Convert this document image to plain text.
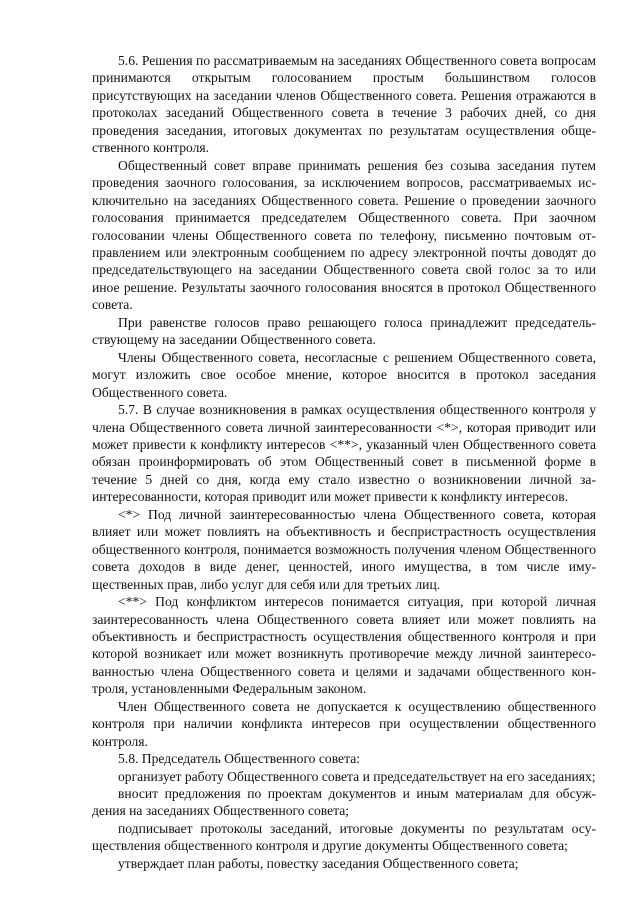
5.6. Решения по рассматриваемым на заседаниях Общественного совета вопросам принимаются открытым голосованием простым большинством голосов присутствующих на заседании членов Общественного совета. Решения отражаются в протоколах заседаний Общественного совета в течение 3 рабочих дней, со дня проведения заседания, итоговых документах по результатам осуществления общественного контроля.

Общественный совет вправе принимать решения без созыва заседания путем проведения заочного голосования, за исключением вопросов, рассматриваемых исключительно на заседаниях Общественного совета. Решение о проведении заочного голосования принимается председателем Общественного совета. При заочном голосовании члены Общественного совета по телефону, письменно почтовым отправлением или электронным сообщением по адресу электронной почты доводят до председательствующего на заседании Общественного совета свой голос за то или иное решение. Результаты заочного голосования вносятся в протокол Общественного совета.

При равенстве голосов право решающего голоса принадлежит председательствующему на заседании Общественного совета.

Члены Общественного совета, несогласные с решением Общественного совета, могут изложить свое особое мнение, которое вносится в протокол заседания Общественного совета.

5.7. В случае возникновения в рамках осуществления общественного контроля у члена Общественного совета личной заинтересованности <*>, которая приводит или может привести к конфликту интересов <**>, указанный член Общественного совета обязан проинформировать об этом Общественный совет в письменной форме в течение 5 дней со дня, когда ему стало известно о возникновении личной заинтересованности, которая приводит или может привести к конфликту интересов.

<*> Под личной заинтересованностью члена Общественного совета, которая влияет или может повлиять на объективность и беспристрастность осуществления общественного контроля, понимается возможность получения членом Общественного совета доходов в виде денег, ценностей, иного имущества, в том числе имущественных прав, либо услуг для себя или для третьих лиц.

<**> Под конфликтом интересов понимается ситуация, при которой личная заинтересованность члена Общественного совета влияет или может повлиять на объективность и беспристрастность осуществления общественного контроля и при которой возникает или может возникнуть противоречие между личной заинтересованностью члена Общественного совета и целями и задачами общественного контроля, установленными Федеральным законом.

Член Общественного совета не допускается к осуществлению общественного контроля при наличии конфликта интересов при осуществлении общественного контроля.

5.8. Председатель Общественного совета:

организует работу Общественного совета и председательствует на его заседаниях;

вносит предложения по проектам документов и иным материалам для обсуждения на заседаниях Общественного совета;

подписывает протоколы заседаний, итоговые документы по результатам осуществления общественного контроля и другие документы Общественного совета;

утверждает план работы, повестку заседания Общественного совета;
